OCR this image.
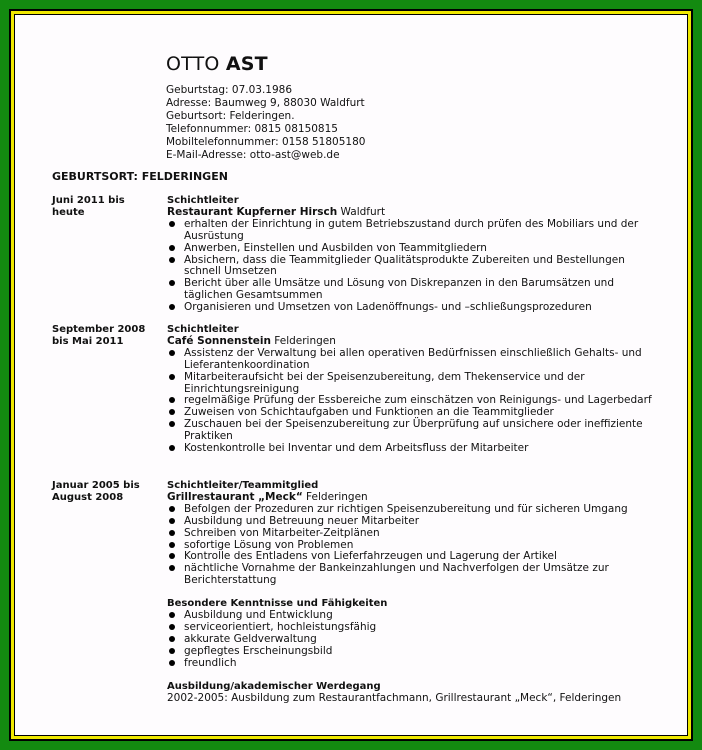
OTTO AST
Geburtstag: 07.03.1986
Adresse: Baumweg 9, 88030 Waldfurt
Geburtsort: Felderingen.
Telefonnummer: 0815 08150815
Mobiltelefonnummer: 0158 51805180
E-Mail-Adresse: otto-ast@web.de
GEBURTSORT: FELDERINGEN
Juni 2011 bis heute
Schichtleiter
Restaurant Kupferner Hirsch Waldfurt
erhalten der Einrichtung in gutem Betriebszustand durch prüfen des Mobiliars und der Ausrüstung
Anwerben, Einstellen und Ausbilden von Teammitgliedern
Absichern, dass die Teammitglieder Qualitätsprodukte Zubereiten und Bestellungen schnell Umsetzen
Bericht über alle Umsätze und Lösung von Diskrepanzen in den Barumsätzen und täglichen Gesamtsummen
Organisieren und Umsetzen von Ladenöffnungs- und –schließungsprozeduren
September 2008 bis Mai 2011
Schichtleiter
Café Sonnenstein Felderingen
Assistenz der Verwaltung bei allen operativen Bedürfnissen einschließlich Gehalts- und Lieferantenkoordination
Mitarbeiteraufsicht bei der Speisenzubereitung, dem Thekenservice und der Einrichtungsreinigung
regelmäßige Prüfung der Essbereiche zum einschätzen von Reinigungs- und Lagerbedarf
Zuweisen von Schichtaufgaben und Funktionen an die Teammitglieder
Zuschauen bei der Speisenzubereitung zur Überprüfung auf unsichere oder ineffiziente Praktiken
Kostenkontrolle bei Inventar und dem Arbeitsfluss der Mitarbeiter
Januar 2005 bis August 2008
Schichtleiter/Teammitglied
Grillrestaurant „Meck“ Felderingen
Befolgen der Prozeduren zur richtigen Speisenzubereitung und für sicheren Umgang
Ausbildung und Betreuung neuer Mitarbeiter
Schreiben von Mitarbeiter-Zeitplänen
sofortige Lösung von Problemen
Kontrolle des Entladens von Lieferfahrzeugen und Lagerung der Artikel
nächtliche Vornahme der Bankeinzahlungen und Nachverfolgen der Umsätze zur Berichterstattung
Besondere Kenntnisse und Fähigkeiten
Ausbildung und Entwicklung
serviceorientiert, hochleistungsfähig
akkurate Geldverwaltung
gepflegtes Erscheinungsbild
freundlich
Ausbildung/akademischer Werdegang
2002-2005: Ausbildung zum Restaurantfachmann, Grillrestaurant „Meck“, Felderingen
